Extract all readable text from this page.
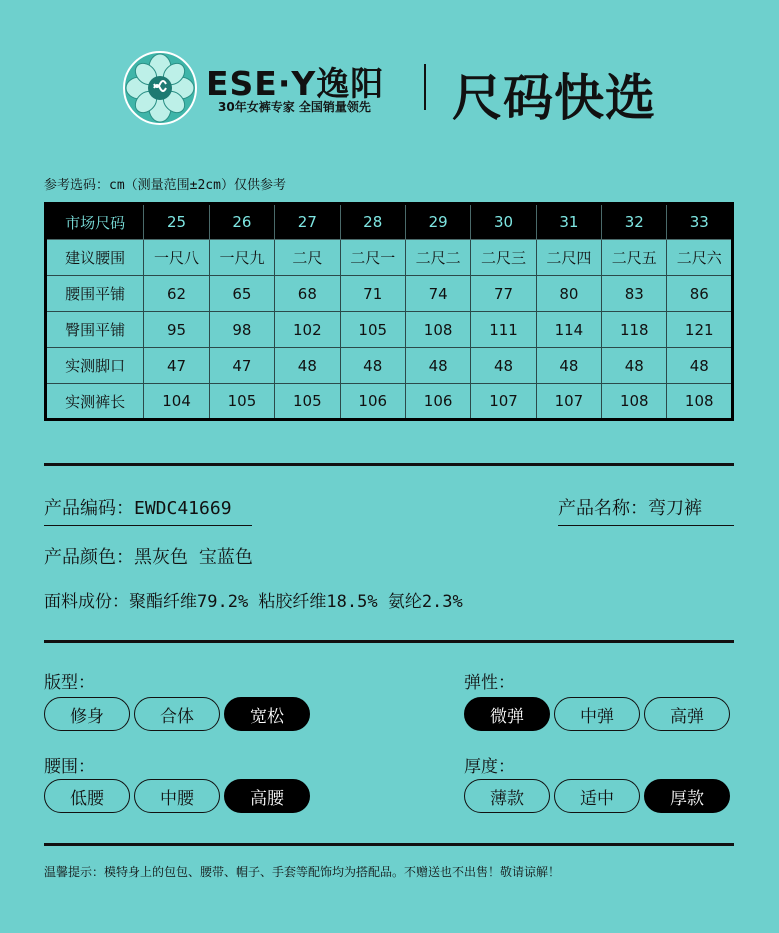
ESE·Y逸阳
30年女裤专家 全国销量领先 尺码快选
参考选码：cm（测量范围±2cm）仅供参考
市场尺码	25	26	27	28	29	30	31	32	33
建议腰围	一尺八	一尺九	二尺	二尺一	二尺二	二尺三	二尺四	二尺五	二尺六
腰围平铺	62	65	68	71	74	77	80	83	86
臀围平铺	95	98	102	105	108	111	114	118	121
实测脚口	47	47	48	48	48	48	48	48	48
实测裤长	104	105	105	106	106	107	107	108	108
产品编码：EWDC41669	产品名称：弯刀裤
产品颜色：黑灰色 宝蓝色
面料成份：聚酯纤维79.2% 粘胶纤维18.5% 氨纶2.3%
版型：
修身	合体	宽松
弹性：
微弹	中弹	高弹
腰围：
低腰	中腰	高腰
厚度：
薄款	适中	厚款
温馨提示：模特身上的包包、腰带、帽子、手套等配饰均为搭配品。不赠送也不出售！敬请谅解！
